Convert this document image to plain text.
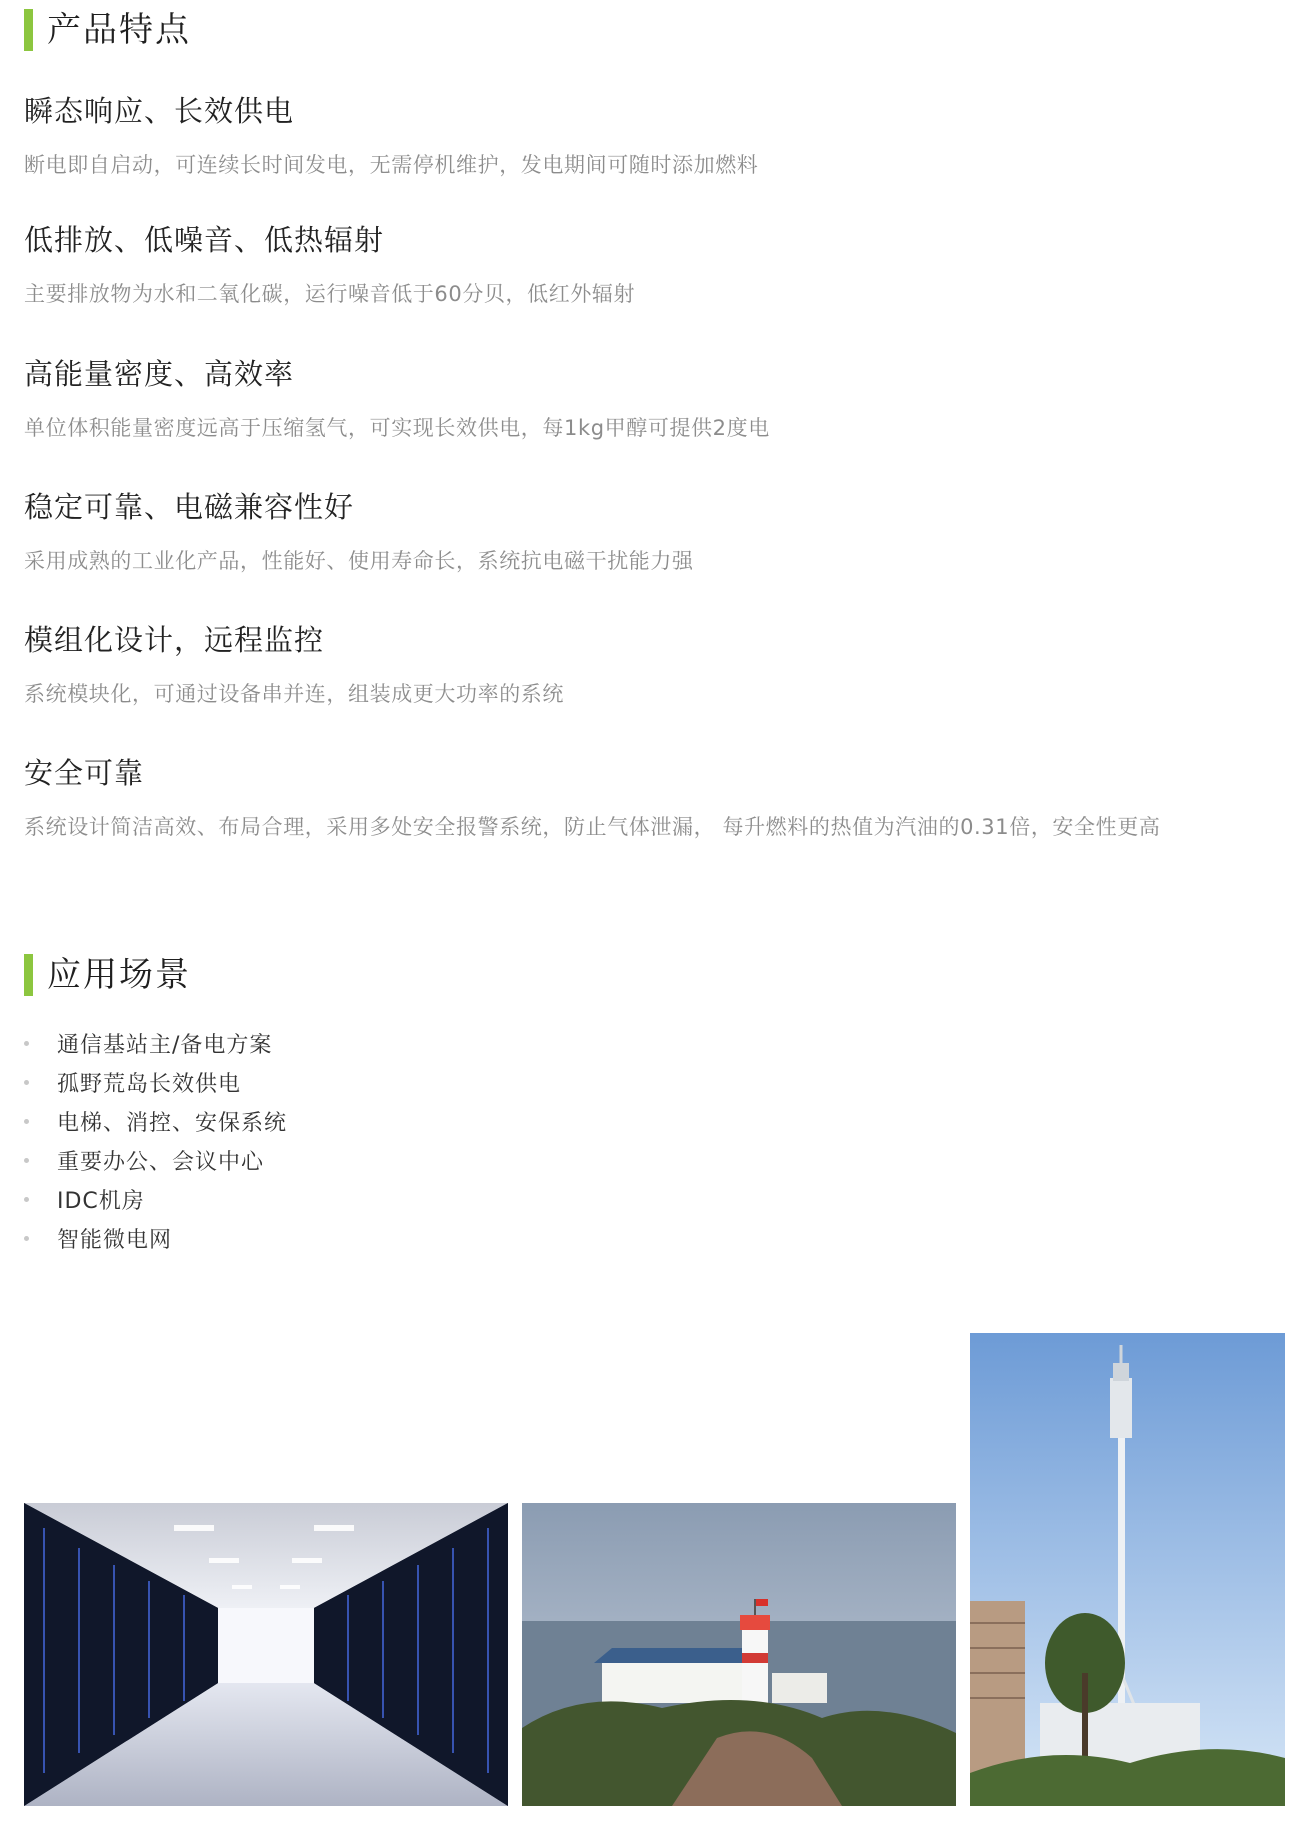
产品特点
瞬态响应、长效供电
断电即自启动，可连续长时间发电，无需停机维护，发电期间可随时添加燃料
低排放、低噪音、低热辐射
主要排放物为水和二氧化碳，运行噪音低于60分贝，低红外辐射
高能量密度、高效率
单位体积能量密度远高于压缩氢气，可实现长效供电，每1kg甲醇可提供2度电
稳定可靠、电磁兼容性好
采用成熟的工业化产品，性能好、使用寿命长，系统抗电磁干扰能力强
模组化设计，远程监控
系统模块化，可通过设备串并连，组装成更大功率的系统
安全可靠
系统设计简洁高效、布局合理，采用多处安全报警系统，防止气体泄漏， 每升燃料的热值为汽油的0.31倍，安全性更高
应用场景
通信基站主/备电方案
孤野荒岛长效供电
电梯、消控、安保系统
重要办公、会议中心
IDC机房
智能微电网
